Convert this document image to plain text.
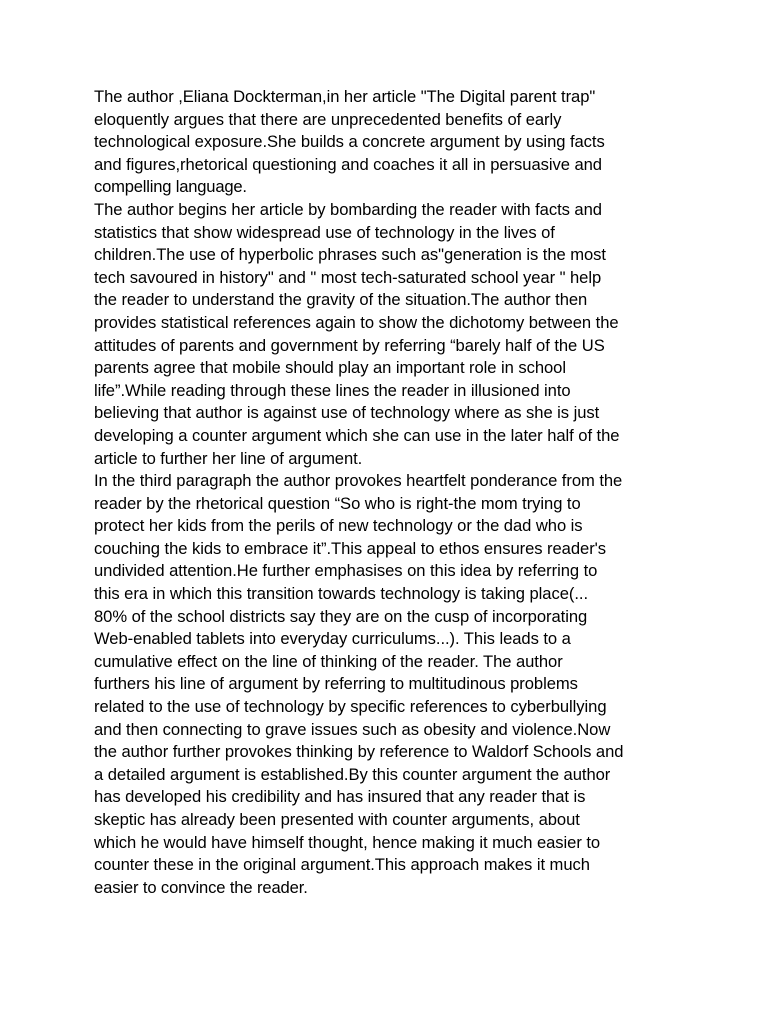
The author ,Eliana Dockterman,in her article "The Digital parent trap"
eloquently argues that there are unprecedented benefits of early
technological exposure.She builds a concrete argument by using facts
and figures,rhetorical questioning and coaches it all in persuasive and
compelling language.
The author begins her article by bombarding the reader with facts and
statistics that show widespread use of technology in the lives of
children.The use of hyperbolic phrases such as"generation is the most
tech savoured in history" and " most tech-saturated school year " help
the reader to understand the gravity of the situation.The author then
provides statistical references again to show the dichotomy between the
attitudes of parents and government by referring “barely half of the US
parents agree that mobile should play an important role in school
life”.While reading through these lines the reader in illusioned into
believing that author is against use of technology where as she is just
developing a counter argument which she can use in the later half of the
article to further her line of argument.
In the third paragraph the author provokes heartfelt ponderance from the
reader by the rhetorical question “So who is right-the mom trying to
protect her kids from the perils of new technology or the dad who is
couching the kids to embrace it”.This appeal to ethos ensures reader's
undivided attention.He further emphasises on this idea by referring to
this era in which this transition towards technology is taking place(...
80% of the school districts say they are on the cusp of incorporating
Web-enabled tablets into everyday curriculums...). This leads to a
cumulative effect on the line of thinking of the reader. The author
furthers his line of argument by referring to multitudinous problems
related to the use of technology by specific references to cyberbullying
and then connecting to grave issues such as obesity and violence.Now
the author further provokes thinking by reference to Waldorf Schools and
a detailed argument is established.By this counter argument the author
has developed his credibility and has insured that any reader that is
skeptic has already been presented with counter arguments, about
which he would have himself thought, hence making it much easier to
counter these in the original argument.This approach makes it much
easier to convince the reader.
